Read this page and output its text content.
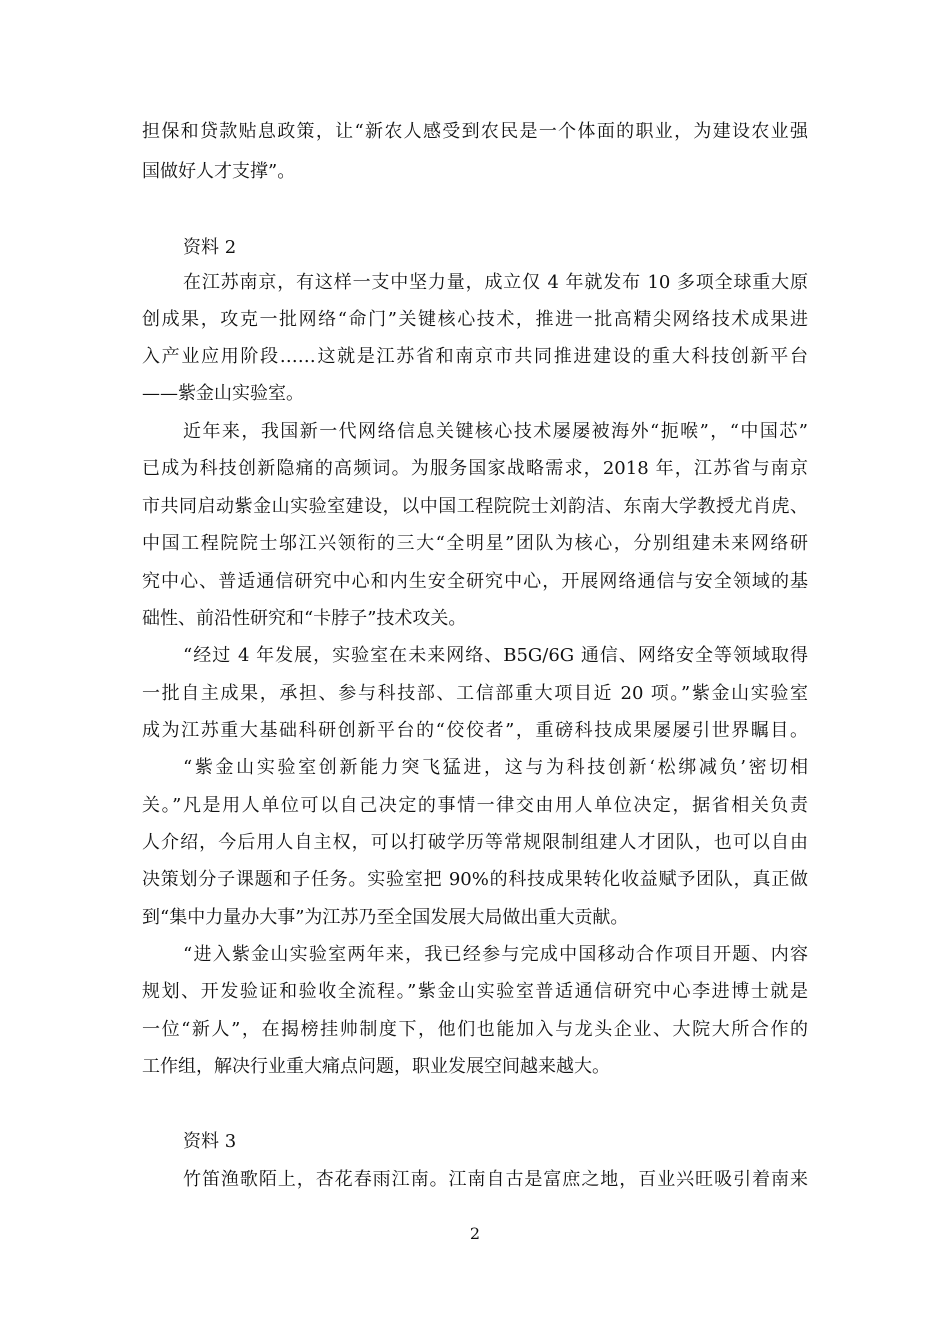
担保和贷款贴息政策，让“新农人感受到农民是一个体面的职业，为建设农业强
国做好人才支撑”。
资料 2
在江苏南京，有这样一支中坚力量，成立仅 4 年就发布 10 多项全球重大原
创成果，攻克一批网络“命门”关键核心技术，推进一批高精尖网络技术成果进
入产业应用阶段……这就是江苏省和南京市共同推进建设的重大科技创新平台
——紫金山实验室。
近年来，我国新一代网络信息关键核心技术屡屡被海外“扼喉”，“中国芯”
已成为科技创新隐痛的高频词。为服务国家战略需求，2018 年，江苏省与南京
市共同启动紫金山实验室建设，以中国工程院院士刘韵洁、东南大学教授尤肖虎、
中国工程院院士邬江兴领衔的三大“全明星”团队为核心，分别组建未来网络研
究中心、普适通信研究中心和内生安全研究中心，开展网络通信与安全领域的基
础性、前沿性研究和“卡脖子”技术攻关。
“经过 4 年发展，实验室在未来网络、B5G/6G 通信、网络安全等领域取得
一批自主成果，承担、参与科技部、工信部重大项目近 20 项。”紫金山实验室
成为江苏重大基础科研创新平台的“佼佼者”，重磅科技成果屡屡引世界瞩目。
“紫金山实验室创新能力突飞猛进，这与为科技创新‘松绑减负’密切相
关。”凡是用人单位可以自己决定的事情一律交由用人单位决定，据省相关负责
人介绍，今后用人自主权，可以打破学历等常规限制组建人才团队，也可以自由
决策划分子课题和子任务。实验室把 90%的科技成果转化收益赋予团队，真正做
到“集中力量办大事”为江苏乃至全国发展大局做出重大贡献。
“进入紫金山实验室两年来，我已经参与完成中国移动合作项目开题、内容
规划、开发验证和验收全流程。”紫金山实验室普适通信研究中心李进博士就是
一位“新人”，在揭榜挂帅制度下，他们也能加入与龙头企业、大院大所合作的
工作组，解决行业重大痛点问题，职业发展空间越来越大。
资料 3
竹笛渔歌陌上，杏花春雨江南。江南自古是富庶之地，百业兴旺吸引着南来
2
